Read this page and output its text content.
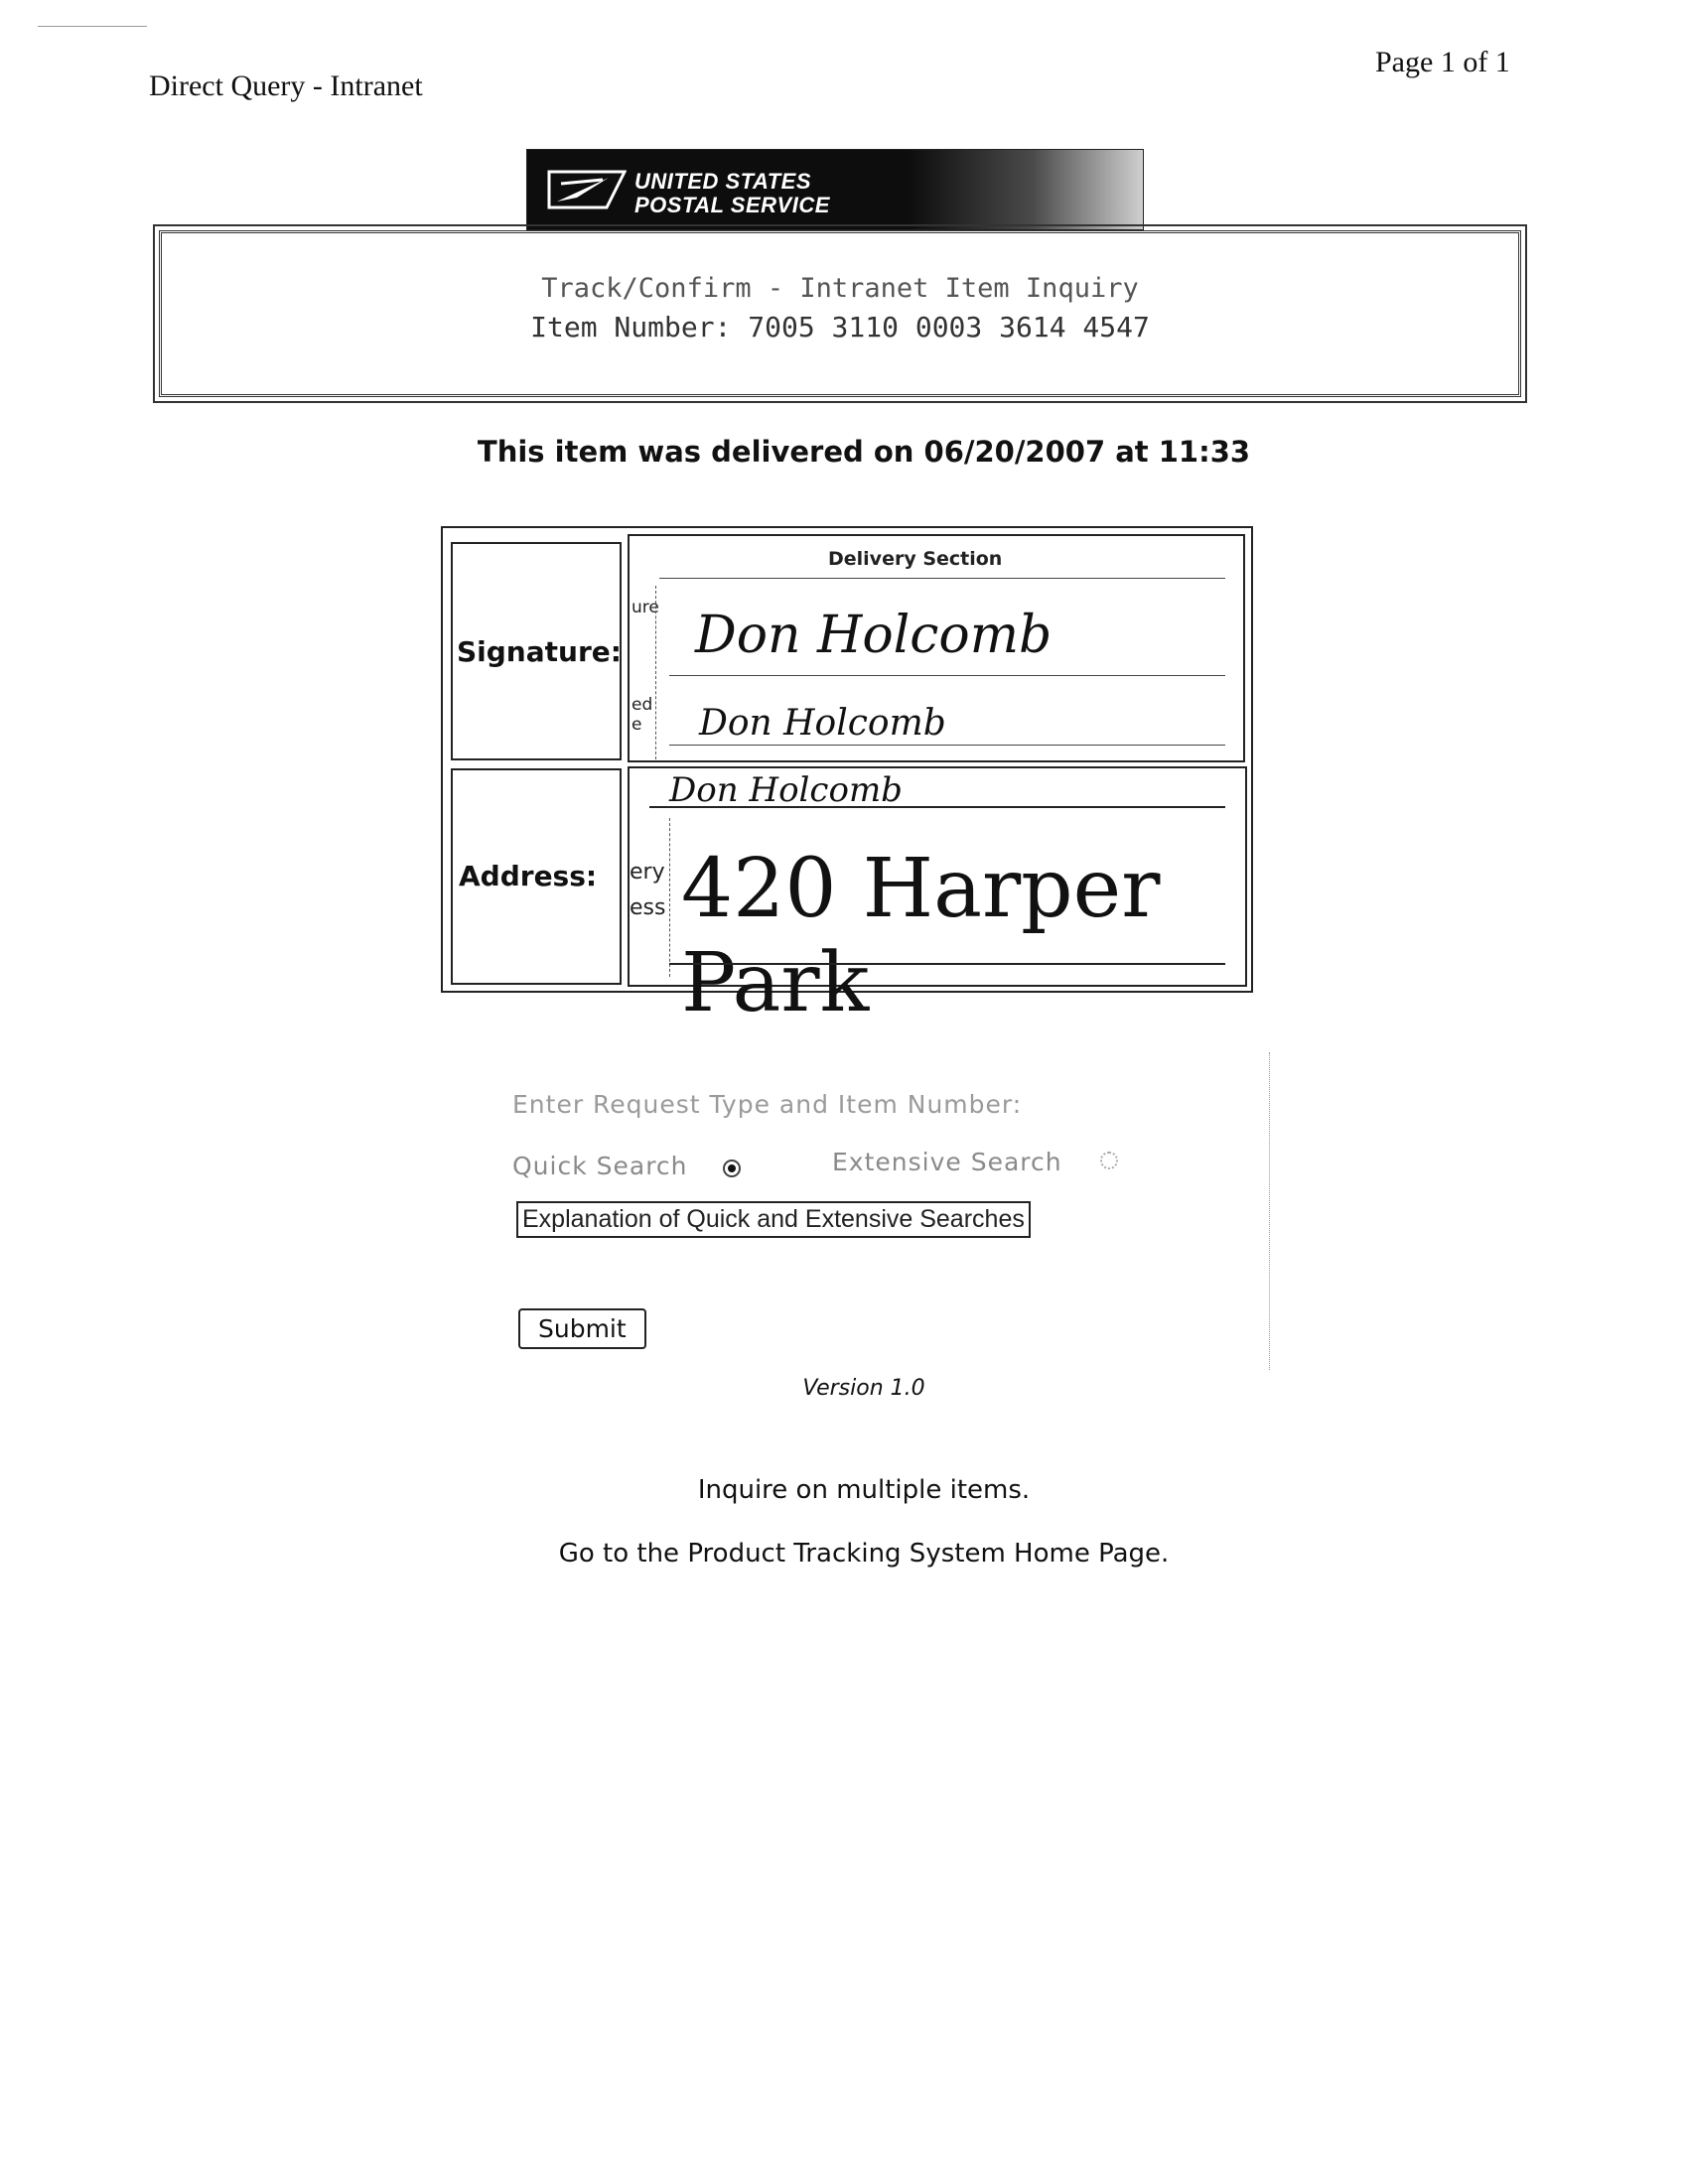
Direct Query - Intranet
Page 1 of 1
UNITED STATES
POSTAL SERVICE
Track/Confirm - Intranet Item Inquiry
Item Number: 7005 3110 0003 3614 4547
This item was delivered on 06/20/2007 at 11:33
Signature:
Delivery Section
ure
ed
e
Don Holcomb
Don Holcomb
Address:
Don Holcomb
ery
ess 420 Harper Park
Enter Request Type and Item Number:
Quick Search	Extensive Search
Explanation of Quick and Extensive Searches
Submit
Version 1.0
Inquire on multiple items.
Go to the Product Tracking System Home Page.
